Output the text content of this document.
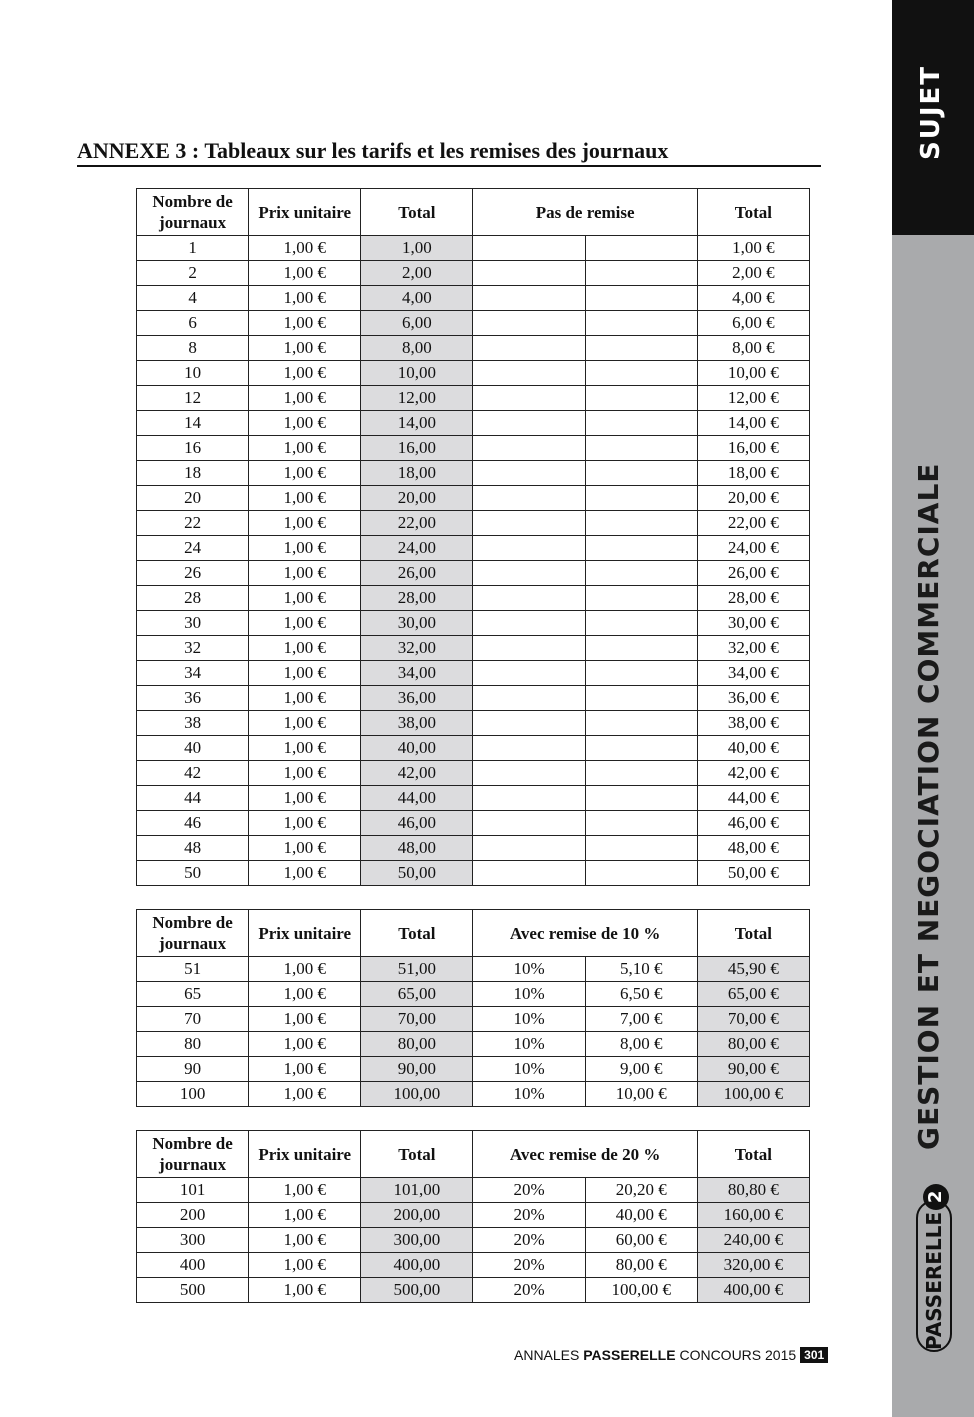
SUJET
GESTION ET NEGOCIATION COMMERCIALE
PASSERELLE2
ANNEXE 3 : Tableaux sur les tarifs et les remises des journaux
Nombre de journaux	Prix unitaire	Total	Pas de remise		Total
1	1,00 €	1,00			1,00 €
2	1,00 €	2,00			2,00 €
4	1,00 €	4,00			4,00 €
6	1,00 €	6,00			6,00 €
8	1,00 €	8,00			8,00 €
10	1,00 €	10,00			10,00 €
12	1,00 €	12,00			12,00 €
14	1,00 €	14,00			14,00 €
16	1,00 €	16,00			16,00 €
18	1,00 €	18,00			18,00 €
20	1,00 €	20,00			20,00 €
22	1,00 €	22,00			22,00 €
24	1,00 €	24,00			24,00 €
26	1,00 €	26,00			26,00 €
28	1,00 €	28,00			28,00 €
30	1,00 €	30,00			30,00 €
32	1,00 €	32,00			32,00 €
34	1,00 €	34,00			34,00 €
36	1,00 €	36,00			36,00 €
38	1,00 €	38,00			38,00 €
40	1,00 €	40,00			40,00 €
42	1,00 €	42,00			42,00 €
44	1,00 €	44,00			44,00 €
46	1,00 €	46,00			46,00 €
48	1,00 €	48,00			48,00 €
50	1,00 €	50,00			50,00 €
Nombre de journaux	Prix unitaire	Total	Avec remise de 10 %		Total
51	1,00 €	51,00	10%	5,10 €	45,90 €
65	1,00 €	65,00	10%	6,50 €	65,00 €
70	1,00 €	70,00	10%	7,00 €	70,00 €
80	1,00 €	80,00	10%	8,00 €	80,00 €
90	1,00 €	90,00	10%	9,00 €	90,00 €
100	1,00 €	100,00	10%	10,00 €	100,00 €
Nombre de journaux	Prix unitaire	Total	Avec remise de 20 %		Total
101	1,00 €	101,00	20%	20,20 €	80,80 €
200	1,00 €	200,00	20%	40,00 €	160,00 €
300	1,00 €	300,00	20%	60,00 €	240,00 €
400	1,00 €	400,00	20%	80,00 €	320,00 €
500	1,00 €	500,00	20%	100,00 €	400,00 €
ANNALES PASSERELLE CONCOURS 2015 301
